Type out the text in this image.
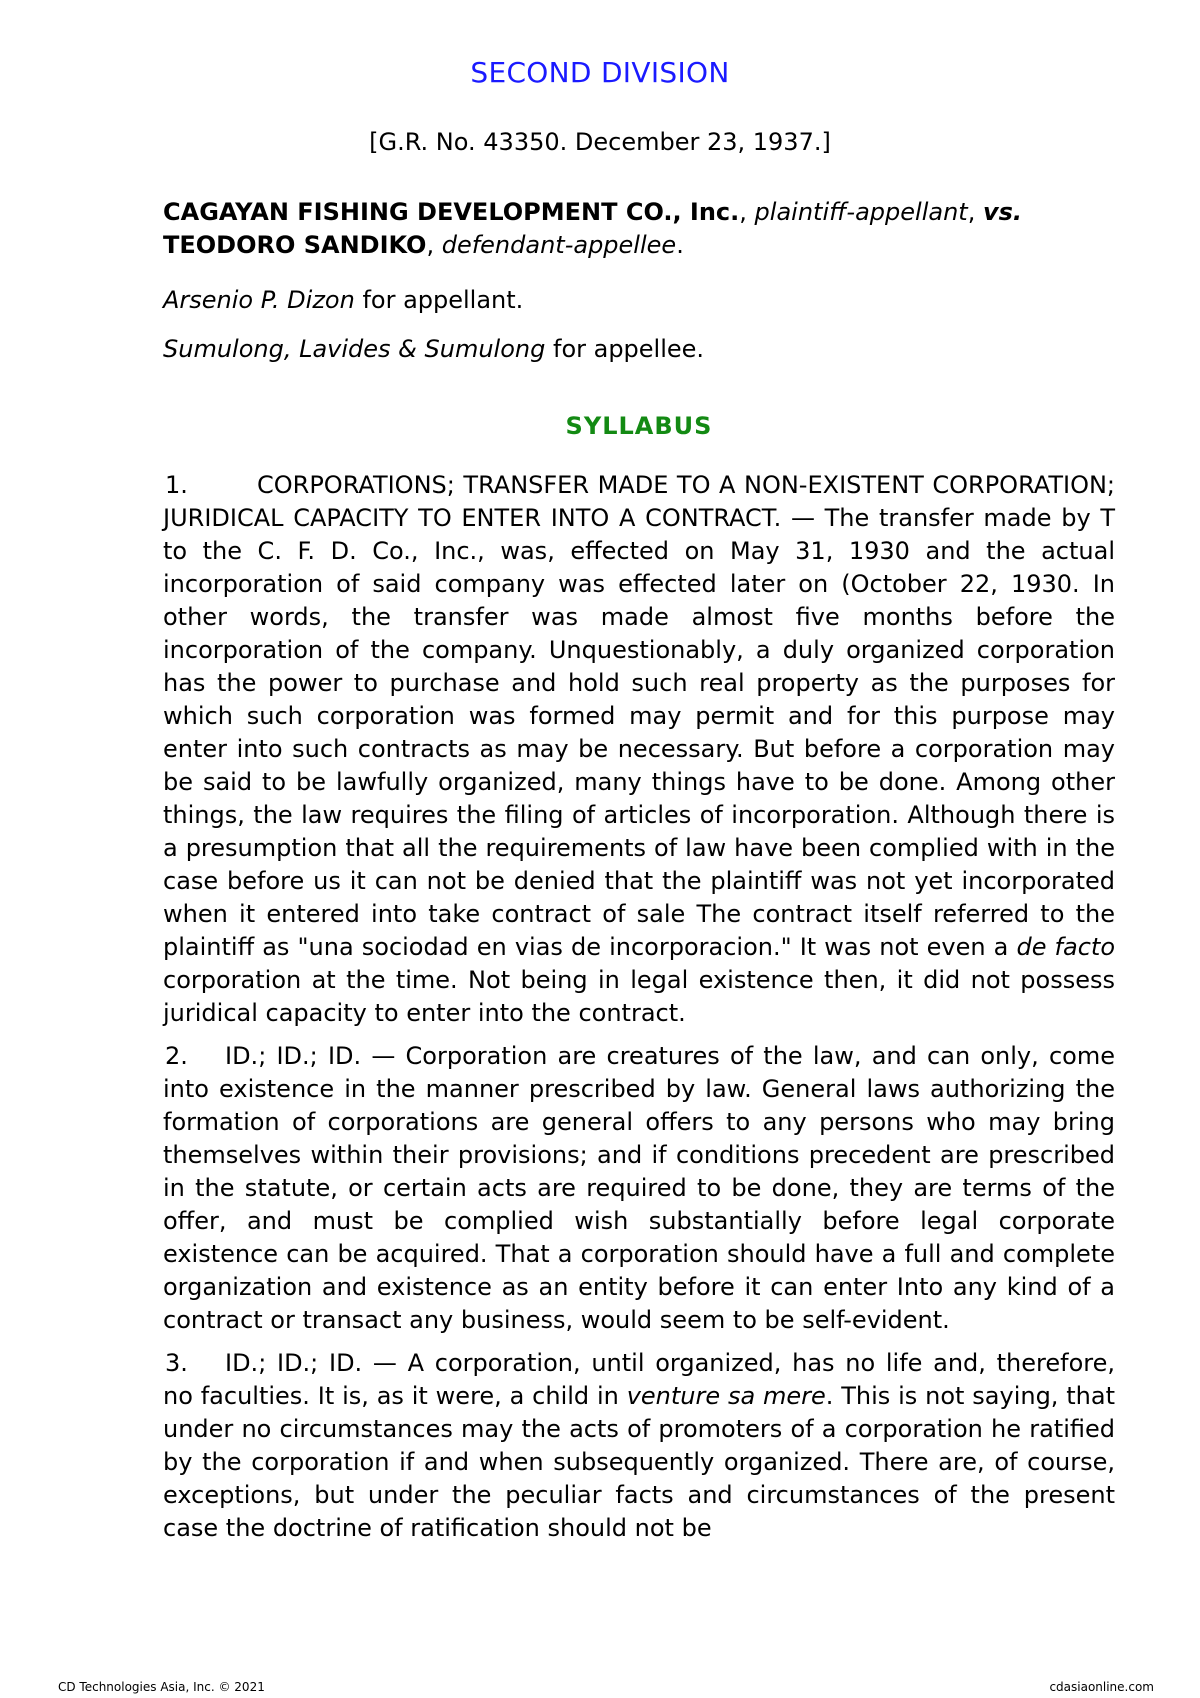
SECOND DIVISION
[G.R. No. 43350. December 23, 1937.]

CAGAYAN FISHING DEVELOPMENT CO., Inc., plaintiff-appellant, vs. TEODORO SANDIKO, defendant-appellee.

Arsenio P. Dizon for appellant.

Sumulong, Lavides & Sumulong for appellee.

SYLLABUS

1.	CORPORATIONS; TRANSFER MADE TO A NON-EXISTENT CORPORATION; JURIDICAL CAPACITY TO ENTER INTO A CONTRACT. — The transfer made by T to the C. F. D. Co., Inc., was, effected on May 31, 1930 and the actual incorporation of said company was effected later on (October 22, 1930. In other words, the transfer was made almost five months before the incorporation of the company. Unquestionably, a duly organized corporation has the power to purchase and hold such real property as the purposes for which such corporation was formed may permit and for this purpose may enter into such contracts as may be necessary. But before a corporation may be said to be lawfully organized, many things have to be done. Among other things, the law requires the filing of articles of incorporation. Although there is a presumption that all the requirements of law have been complied with in the case before us it can not be denied that the plaintiff was not yet incorporated when it entered into take contract of sale The contract itself referred to the plaintiff as "una sociodad en vias de incorporacion." It was not even a de facto corporation at the time. Not being in legal existence then, it did not possess juridical capacity to enter into the contract.

2. ID.; ID.; ID. — Corporation are creatures of the law, and can only, come into existence in the manner prescribed by law. General laws authorizing the formation of corporations are general offers to any persons who may bring themselves within their provisions; and if conditions precedent are prescribed in the statute, or certain acts are required to be done, they are terms of the offer, and must be complied wish substantially before legal corporate existence can be acquired. That a corporation should have a full and complete organization and existence as an entity before it can enter Into any kind of a contract or transact any business, would seem to be self-evident.

3. ID.; ID.; ID. — A corporation, until organized, has no life and, therefore, no faculties. It is, as it were, a child in venture sa mere. This is not saying, that under no circumstances may the acts of promoters of a corporation he ratified by the corporation if and when subsequently organized. There are, of course, exceptions, but under the peculiar facts and circumstances of the present case the doctrine of ratification should not be

CD Technologies Asia, Inc. © 2021	cdasiaonline.com
